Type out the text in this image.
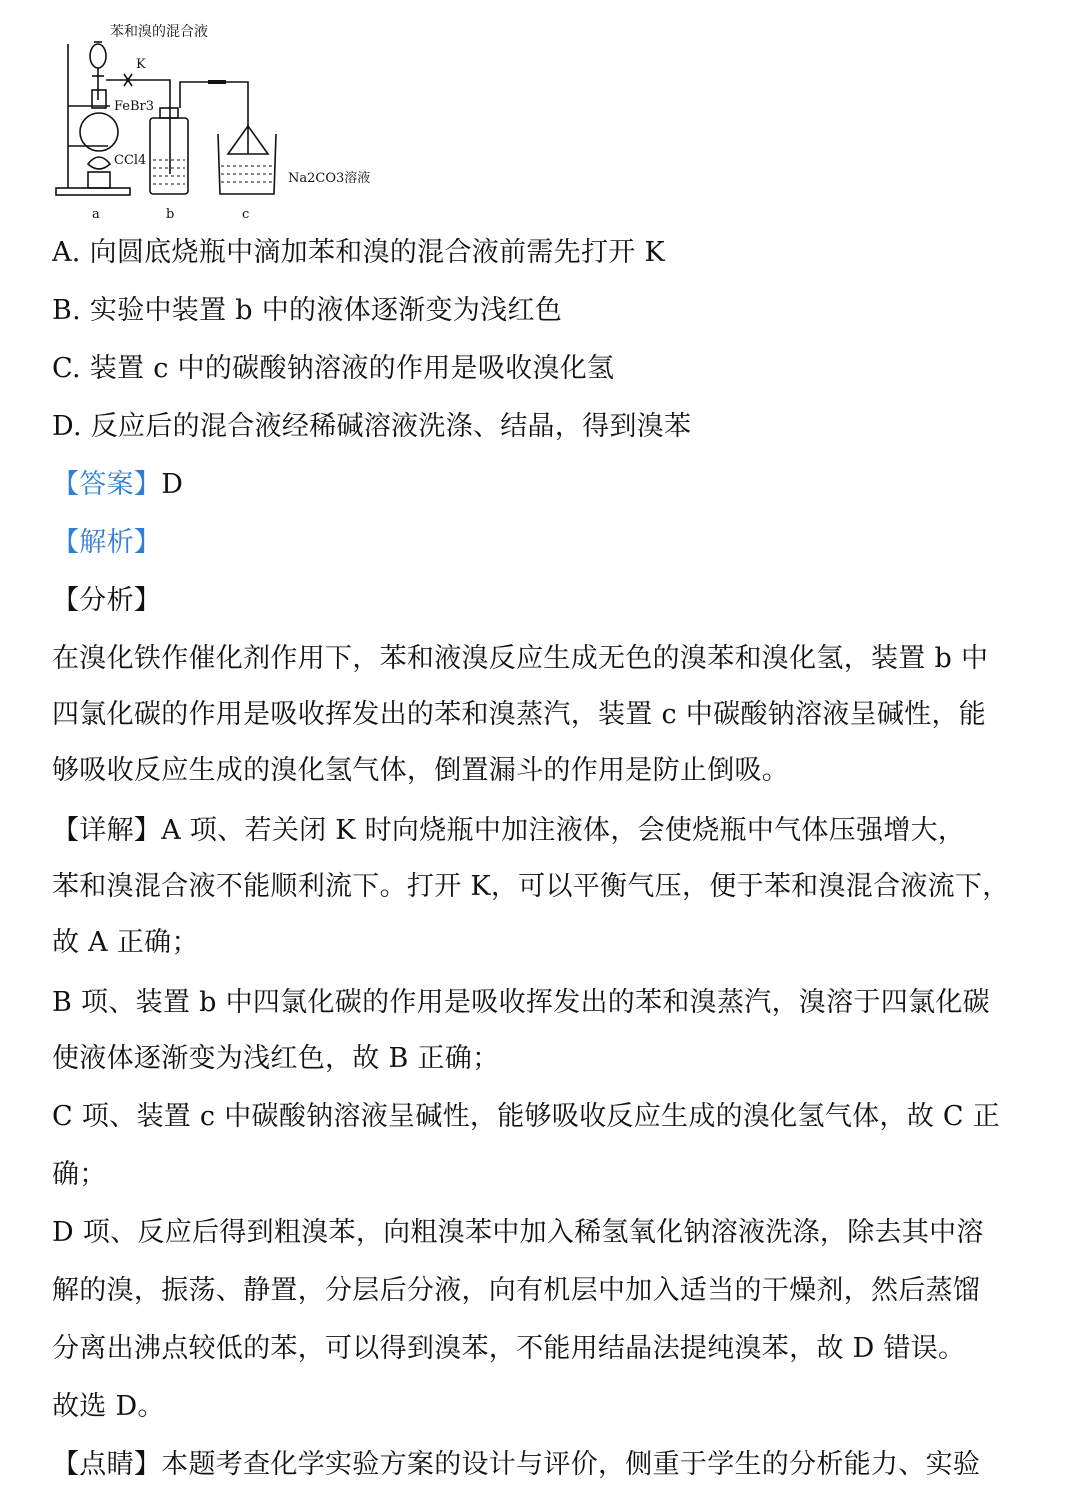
苯和溴的混合液
K
FeBr3
CCl4
Na2CO3溶液
a	b	c
A. 向圆底烧瓶中滴加苯和溴的混合液前需先打开 K
B. 实验中装置 b 中的液体逐渐变为浅红色
C. 装置 c 中的碳酸钠溶液的作用是吸收溴化氢
D. 反应后的混合液经稀碱溶液洗涤、结晶，得到溴苯
【答案】D
【解析】
【分析】
在溴化铁作催化剂作用下，苯和液溴反应生成无色的溴苯和溴化氢，装置 b 中
四氯化碳的作用是吸收挥发出的苯和溴蒸汽，装置 c 中碳酸钠溶液呈碱性，能
够吸收反应生成的溴化氢气体，倒置漏斗的作用是防止倒吸。
【详解】A 项、若关闭 K 时向烧瓶中加注液体，会使烧瓶中气体压强增大，
苯和溴混合液不能顺利流下。打开 K，可以平衡气压，便于苯和溴混合液流下，
故 A 正确；
B 项、装置 b 中四氯化碳的作用是吸收挥发出的苯和溴蒸汽，溴溶于四氯化碳
使液体逐渐变为浅红色，故 B 正确；
C 项、装置 c 中碳酸钠溶液呈碱性，能够吸收反应生成的溴化氢气体，故 C 正
确；
D 项、反应后得到粗溴苯，向粗溴苯中加入稀氢氧化钠溶液洗涤，除去其中溶
解的溴，振荡、静置，分层后分液，向有机层中加入适当的干燥剂，然后蒸馏
分离出沸点较低的苯，可以得到溴苯，不能用结晶法提纯溴苯，故 D 错误。
故选 D。
【点睛】本题考查化学实验方案的设计与评价，侧重于学生的分析能力、实验
